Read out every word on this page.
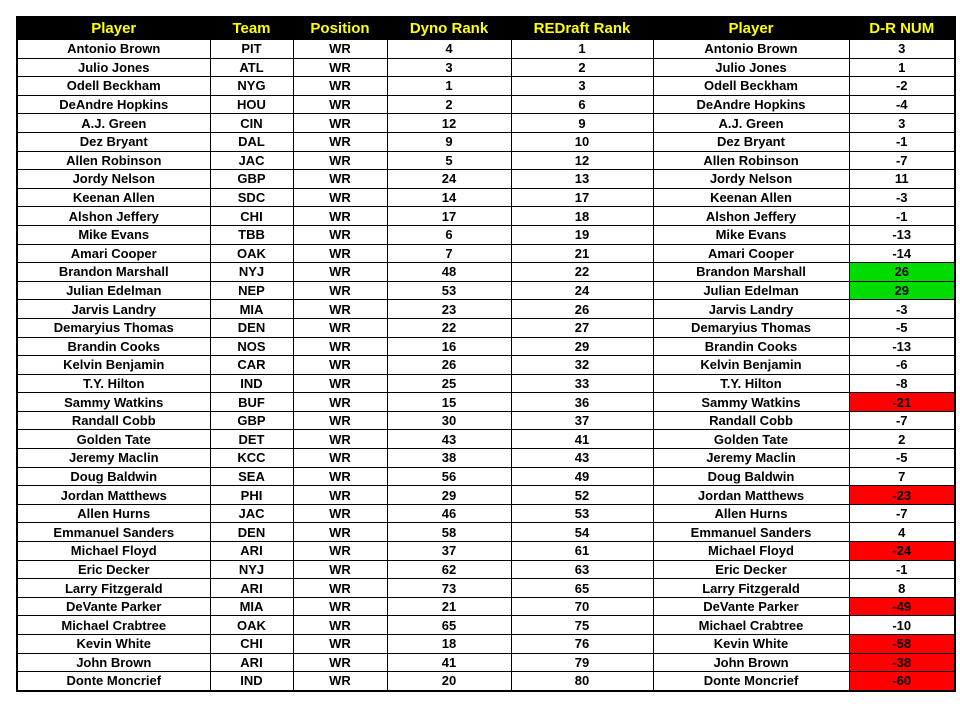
Player	Team	Position	Dyno Rank	REDraft Rank	Player	D-R NUM
Antonio Brown	PIT	WR	4	1	Antonio Brown	3
Julio Jones	ATL	WR	3	2	Julio Jones	1
Odell Beckham	NYG	WR	1	3	Odell Beckham	-2
DeAndre Hopkins	HOU	WR	2	6	DeAndre Hopkins	-4
A.J. Green	CIN	WR	12	9	A.J. Green	3
Dez Bryant	DAL	WR	9	10	Dez Bryant	-1
Allen Robinson	JAC	WR	5	12	Allen Robinson	-7
Jordy Nelson	GBP	WR	24	13	Jordy Nelson	11
Keenan Allen	SDC	WR	14	17	Keenan Allen	-3
Alshon Jeffery	CHI	WR	17	18	Alshon Jeffery	-1
Mike Evans	TBB	WR	6	19	Mike Evans	-13
Amari Cooper	OAK	WR	7	21	Amari Cooper	-14
Brandon Marshall	NYJ	WR	48	22	Brandon Marshall	26
Julian Edelman	NEP	WR	53	24	Julian Edelman	29
Jarvis Landry	MIA	WR	23	26	Jarvis Landry	-3
Demaryius Thomas	DEN	WR	22	27	Demaryius Thomas	-5
Brandin Cooks	NOS	WR	16	29	Brandin Cooks	-13
Kelvin Benjamin	CAR	WR	26	32	Kelvin Benjamin	-6
T.Y. Hilton	IND	WR	25	33	T.Y. Hilton	-8
Sammy Watkins	BUF	WR	15	36	Sammy Watkins	-21
Randall Cobb	GBP	WR	30	37	Randall Cobb	-7
Golden Tate	DET	WR	43	41	Golden Tate	2
Jeremy Maclin	KCC	WR	38	43	Jeremy Maclin	-5
Doug Baldwin	SEA	WR	56	49	Doug Baldwin	7
Jordan Matthews	PHI	WR	29	52	Jordan Matthews	-23
Allen Hurns	JAC	WR	46	53	Allen Hurns	-7
Emmanuel Sanders	DEN	WR	58	54	Emmanuel Sanders	4
Michael Floyd	ARI	WR	37	61	Michael Floyd	-24
Eric Decker	NYJ	WR	62	63	Eric Decker	-1
Larry Fitzgerald	ARI	WR	73	65	Larry Fitzgerald	8
DeVante Parker	MIA	WR	21	70	DeVante Parker	-49
Michael Crabtree	OAK	WR	65	75	Michael Crabtree	-10
Kevin White	CHI	WR	18	76	Kevin White	-58
John Brown	ARI	WR	41	79	John Brown	-38
Donte Moncrief	IND	WR	20	80	Donte Moncrief	-60
